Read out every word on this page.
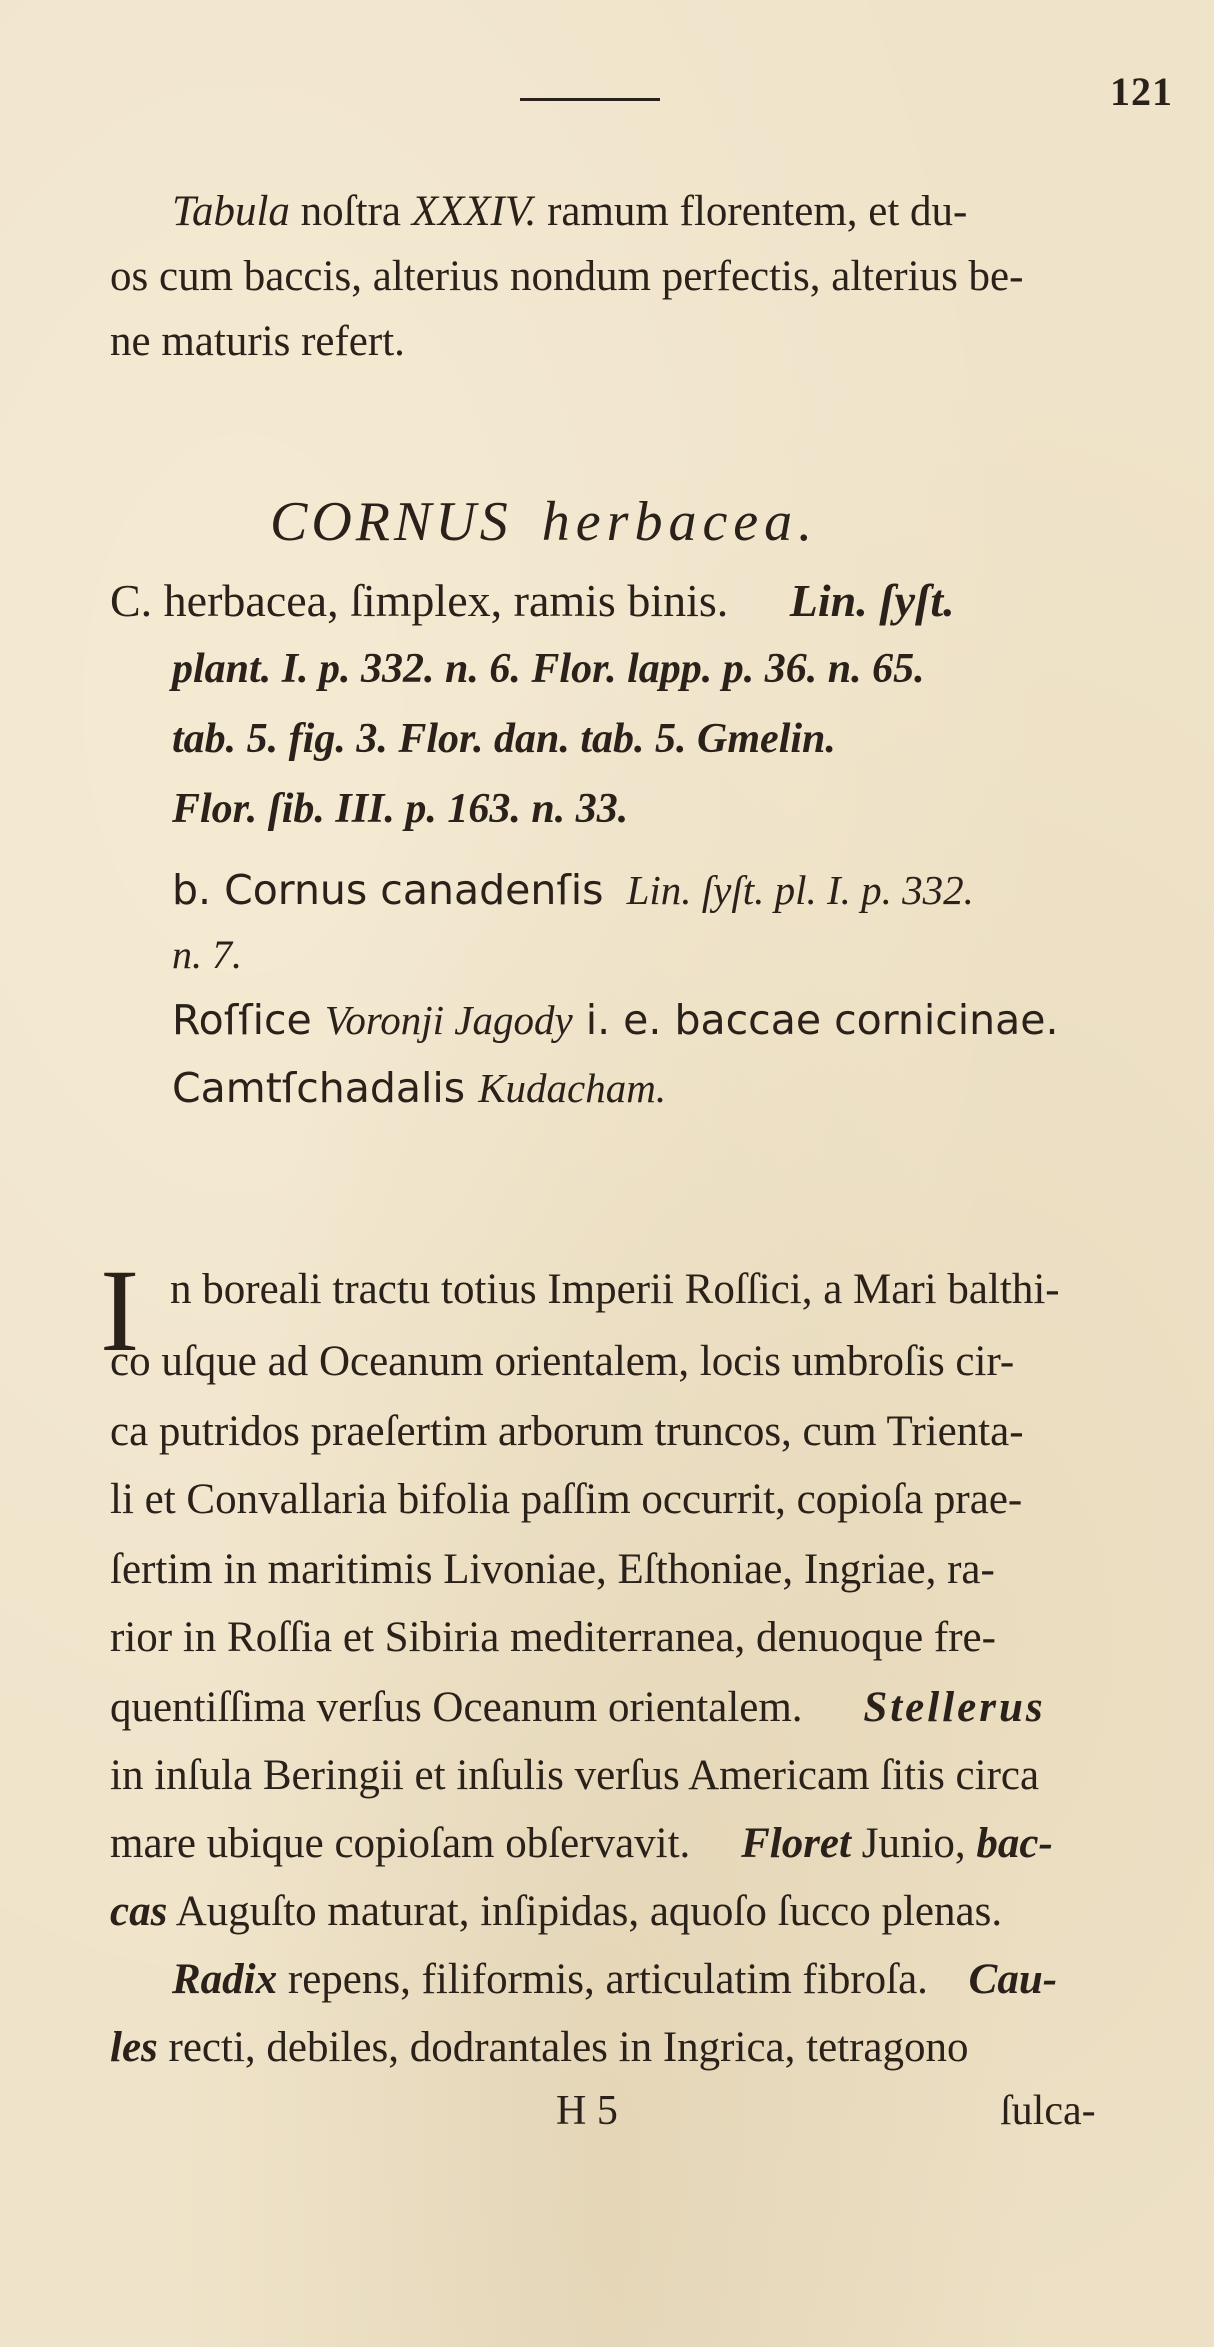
121
Tabula noſtra XXXIV. ramum florentem, et du-
os cum baccis, alterius nondum perfectis, alterius be-
ne maturis refert.
CORNUS herbacea.
C. herbacea, ſimplex, ramis binis. Lin. ſyſt.
plant. I. p. 332. n. 6. Flor. lapp. p. 36. n. 65.
tab. 5. fig. 3. Flor. dan. tab. 5. Gmelin.
Flor. ſib. III. p. 163. n. 33.
b. Cornus canadenſis Lin. ſyſt. pl. I. p. 332.
n. 7.
Roſſice Voronji Jagody i. e. baccae cornicinae.
Camtſchadalis Kudacham.
I n boreali tractu totius Imperii Roſſici, a Mari balthi-
co uſque ad Oceanum orientalem, locis umbroſis cir-
ca putridos praeſertim arborum truncos, cum Trienta-
li et Convallaria bifolia paſſim occurrit, copioſa prae-
ſertim in maritimis Livoniae, Eſthoniae, Ingriae, ra-
rior in Roſſia et Sibiria mediterranea, denuoque fre-
quentiſſima verſus Oceanum orientalem. Stellerus
in inſula Beringii et inſulis verſus Americam ſitis circa
mare ubique copioſam obſervavit. Floret Junio, bac-
cas Auguſto maturat, inſipidas, aquoſo ſucco plenas.
Radix repens, filiformis, articulatim fibroſa. Cau-
les recti, debiles, dodrantales in Ingrica, tetragono
H 5	ſulca-
